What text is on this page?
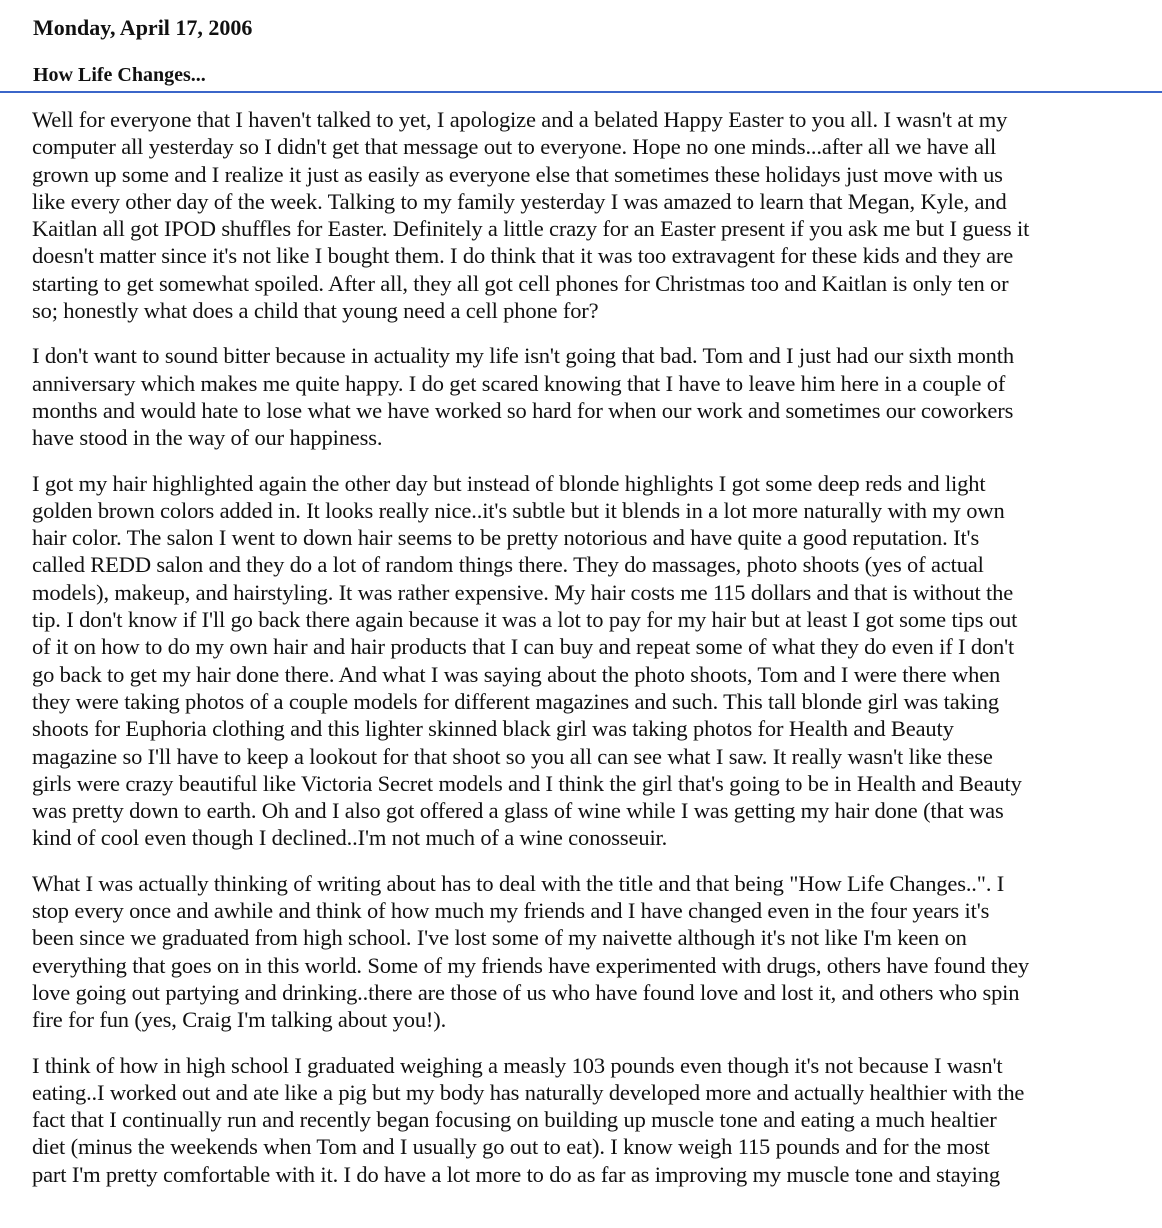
Monday, April 17, 2006
How Life Changes...

Well for everyone that I haven't talked to yet, I apologize and a belated Happy Easter to you all. I wasn't at my
computer all yesterday so I didn't get that message out to everyone. Hope no one minds...after all we have all
grown up some and I realize it just as easily as everyone else that sometimes these holidays just move with us
like every other day of the week. Talking to my family yesterday I was amazed to learn that Megan, Kyle, and
Kaitlan all got IPOD shuffles for Easter. Definitely a little crazy for an Easter present if you ask me but I guess it
doesn't matter since it's not like I bought them. I do think that it was too extravagent for these kids and they are
starting to get somewhat spoiled. After all, they all got cell phones for Christmas too and Kaitlan is only ten or
so; honestly what does a child that young need a cell phone for?

I don't want to sound bitter because in actuality my life isn't going that bad. Tom and I just had our sixth month
anniversary which makes me quite happy. I do get scared knowing that I have to leave him here in a couple of
months and would hate to lose what we have worked so hard for when our work and sometimes our coworkers
have stood in the way of our happiness.

I got my hair highlighted again the other day but instead of blonde highlights I got some deep reds and light
golden brown colors added in. It looks really nice..it's subtle but it blends in a lot more naturally with my own
hair color. The salon I went to down hair seems to be pretty notorious and have quite a good reputation. It's
called REDD salon and they do a lot of random things there. They do massages, photo shoots (yes of actual
models), makeup, and hairstyling. It was rather expensive. My hair costs me 115 dollars and that is without the
tip. I don't know if I'll go back there again because it was a lot to pay for my hair but at least I got some tips out
of it on how to do my own hair and hair products that I can buy and repeat some of what they do even if I don't
go back to get my hair done there. And what I was saying about the photo shoots, Tom and I were there when
they were taking photos of a couple models for different magazines and such. This tall blonde girl was taking
shoots for Euphoria clothing and this lighter skinned black girl was taking photos for Health and Beauty
magazine so I'll have to keep a lookout for that shoot so you all can see what I saw. It really wasn't like these
girls were crazy beautiful like Victoria Secret models and I think the girl that's going to be in Health and Beauty
was pretty down to earth. Oh and I also got offered a glass of wine while I was getting my hair done (that was
kind of cool even though I declined..I'm not much of a wine conosseuir.

What I was actually thinking of writing about has to deal with the title and that being "How Life Changes..". I
stop every once and awhile and think of how much my friends and I have changed even in the four years it's
been since we graduated from high school. I've lost some of my naivette although it's not like I'm keen on
everything that goes on in this world. Some of my friends have experimented with drugs, others have found they
love going out partying and drinking..there are those of us who have found love and lost it, and others who spin
fire for fun (yes, Craig I'm talking about you!).

I think of how in high school I graduated weighing a measly 103 pounds even though it's not because I wasn't
eating..I worked out and ate like a pig but my body has naturally developed more and actually healthier with the
fact that I continually run and recently began focusing on building up muscle tone and eating a much healtier
diet (minus the weekends when Tom and I usually go out to eat). I know weigh 115 pounds and for the most
part I'm pretty comfortable with it. I do have a lot more to do as far as improving my muscle tone and staying
